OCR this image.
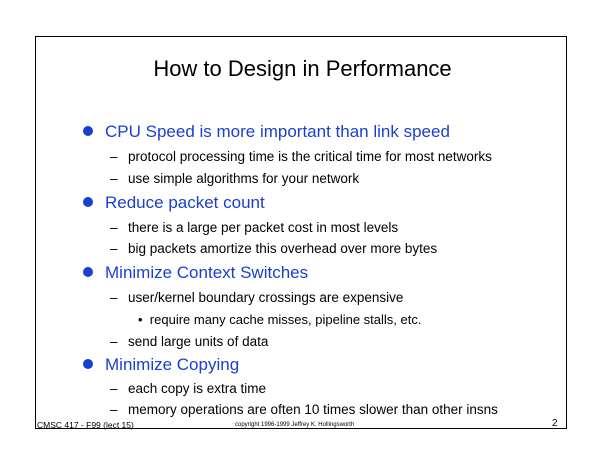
How to Design in Performance
CPU Speed is more important than link speed
– protocol processing time is the critical time for most networks
– use simple algorithms for your network
Reduce packet count
– there is a large per packet cost in most levels
– big packets amortize this overhead over more bytes
Minimize Context Switches
– user/kernel boundary crossings are expensive
• require many cache misses, pipeline stalls, etc.
– send large units of data
Minimize Copying
– each copy is extra time
– memory operations are often 10 times slower than other insns
CMSC 417 - F99 (lect 15)	copyright 1996-1999 Jeffrey K. Hollingsworth	2
